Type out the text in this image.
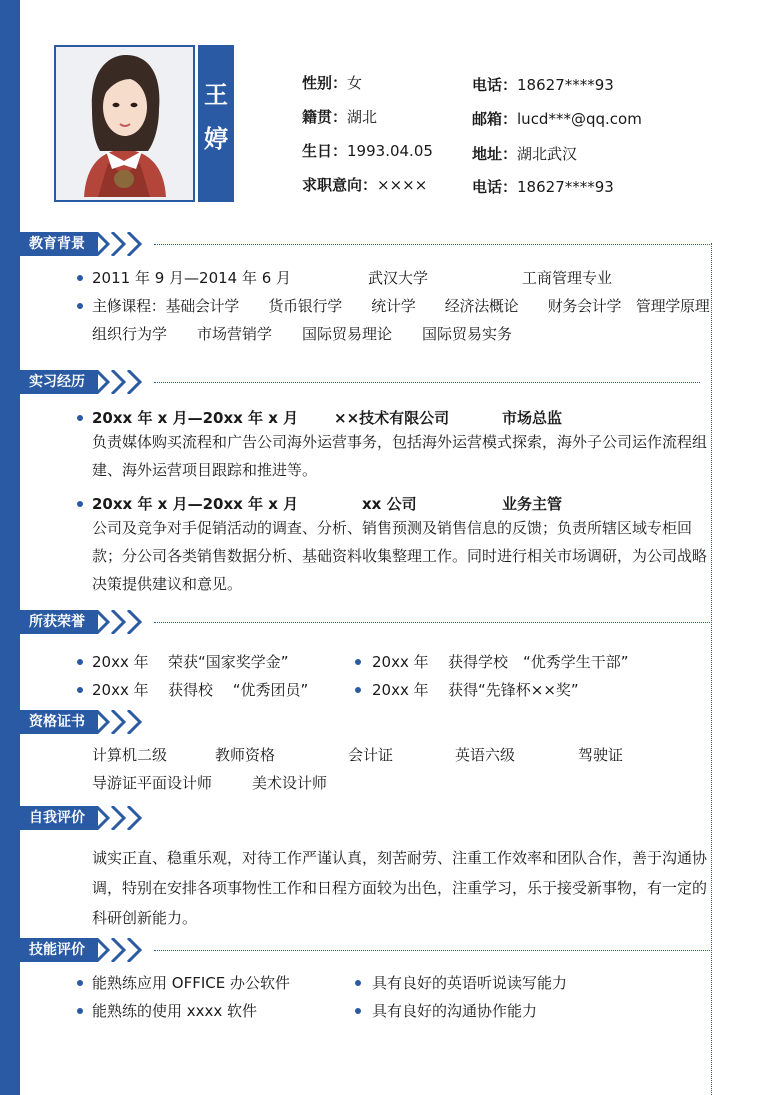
王
婷
性别：女
籍贯：湖北
生日：1993.04.05
求职意向：××××
电话：18627****93
邮箱：lucd***@qq.com
地址：湖北武汉
电话：18627****93
教育背景
2011 年 9 月—2014 年 6 月	武汉大学	工商管理专业
主修课程：基础会计学　　货币银行学　　统计学　　经济法概论　　财务会计学　管理学原理
组织行为学　　市场营销学　　国际贸易理论　　国际贸易实务
实习经历
20xx 年 x 月—20xx 年 x 月 ××技术有限公司	市场总监
负责媒体购买流程和广告公司海外运营事务，包括海外运营模式探索，海外子公司运作流程组建、海外运营项目跟踪和推进等。
20xx 年 x 月—20xx 年 x 月	xx 公司	业务主管
公司及竞争对手促销活动的调查、分析、销售预测及销售信息的反馈；负责所辖区域专柜回款；分公司各类销售数据分析、基础资料收集整理工作。同时进行相关市场调研，为公司战略决策提供建议和意见。
所获荣誉
20xx 年 荣获“国家奖学金”	20xx 年 获得学校　“优秀学生干部”
20xx 年 获得校　 “优秀团员”	20xx 年 获得“先锋杯××奖”
资格证书
计算机二级	教师资格	会计证	英语六级	驾驶证
导游证平面设计师	美术设计师
自我评价
诚实正直、稳重乐观，对待工作严谨认真，刻苦耐劳、注重工作效率和团队合作，善于沟通协调，特别在安排各项事物性工作和日程方面较为出色，注重学习，乐于接受新事物，有一定的科研创新能力。
技能评价
能熟练应用 OFFICE 办公软件	具有良好的英语听说读写能力
能熟练的使用 xxxx 软件	具有良好的沟通协作能力
